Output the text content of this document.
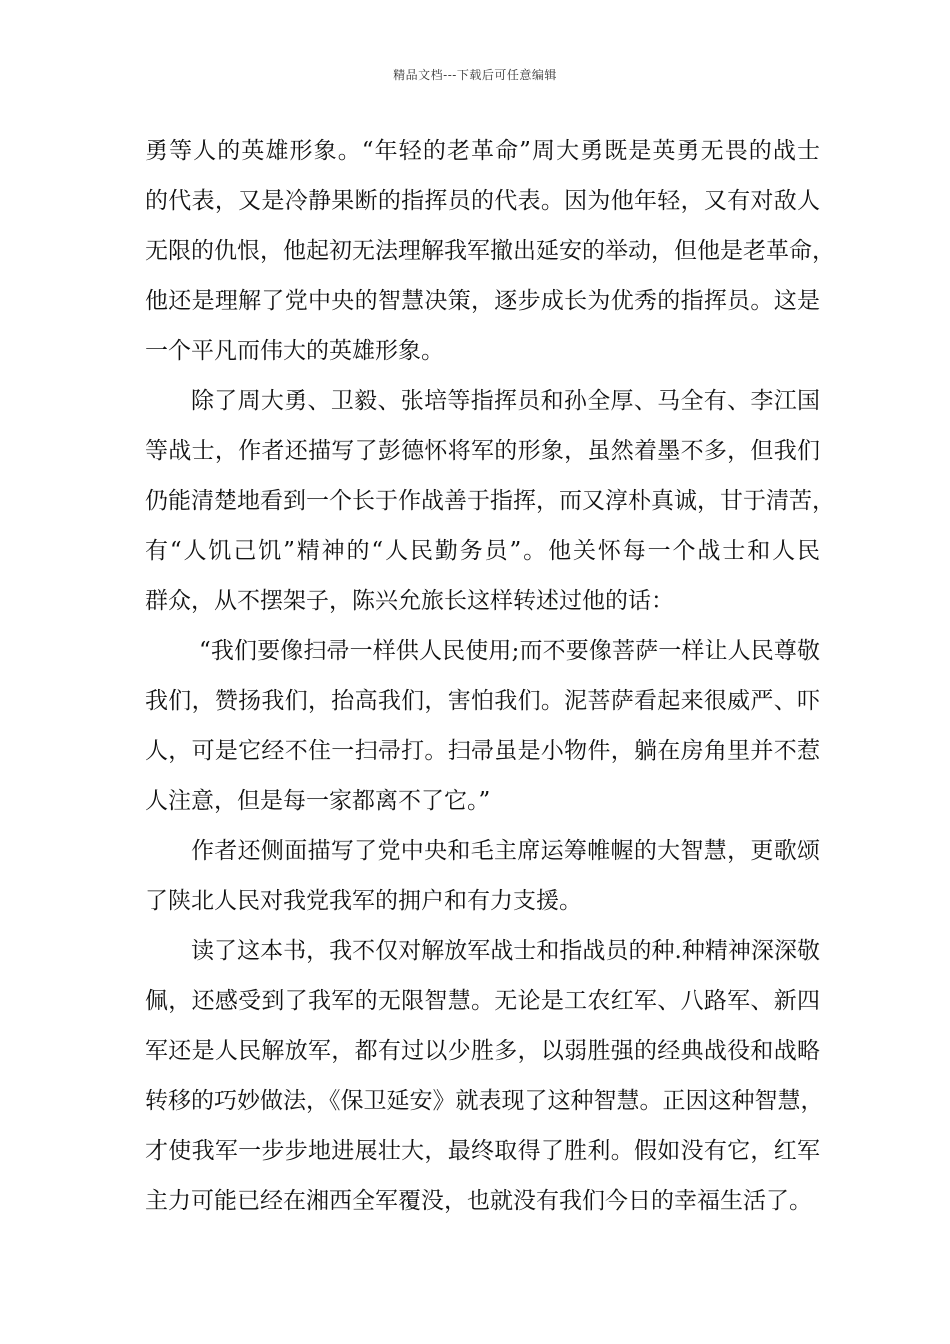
精品文档---下载后可任意编辑
勇等人的英雄形象。“年轻的老革命”周大勇既是英勇无畏的战士
的代表，又是冷静果断的指挥员的代表。因为他年轻，又有对敌人
无限的仇恨，他起初无法理解我军撤出延安的举动，但他是老革命，
他还是理解了党中央的智慧决策，逐步成长为优秀的指挥员。这是
一个平凡而伟大的英雄形象。
除了周大勇、卫毅、张培等指挥员和孙全厚、马全有、李江国
等战士，作者还描写了彭德怀将军的形象，虽然着墨不多，但我们
仍能清楚地看到一个长于作战善于指挥，而又淳朴真诚，甘于清苦，
有“人饥己饥”精神的“人民勤务员”。他关怀每一个战士和人民
群众，从不摆架子，陈兴允旅长这样转述过他的话：
“我们要像扫帚一样供人民使用;而不要像菩萨一样让人民尊敬
我们，赞扬我们，抬高我们，害怕我们。泥菩萨看起来很威严、吓
人，可是它经不住一扫帚打。扫帚虽是小物件，躺在房角里并不惹
人注意，但是每一家都离不了它。”
作者还侧面描写了党中央和毛主席运筹帷幄的大智慧，更歌颂
了陕北人民对我党我军的拥户和有力支援。
读了这本书，我不仅对解放军战士和指战员的种.种精神深深敬
佩，还感受到了我军的无限智慧。无论是工农红军、八路军、新四
军还是人民解放军，都有过以少胜多，以弱胜强的经典战役和战略
转移的巧妙做法，《保卫延安》就表现了这种智慧。正因这种智慧，
才使我军一步步地进展壮大，最终取得了胜利。假如没有它，红军
主力可能已经在湘西全军覆没，也就没有我们今日的幸福生活了。
